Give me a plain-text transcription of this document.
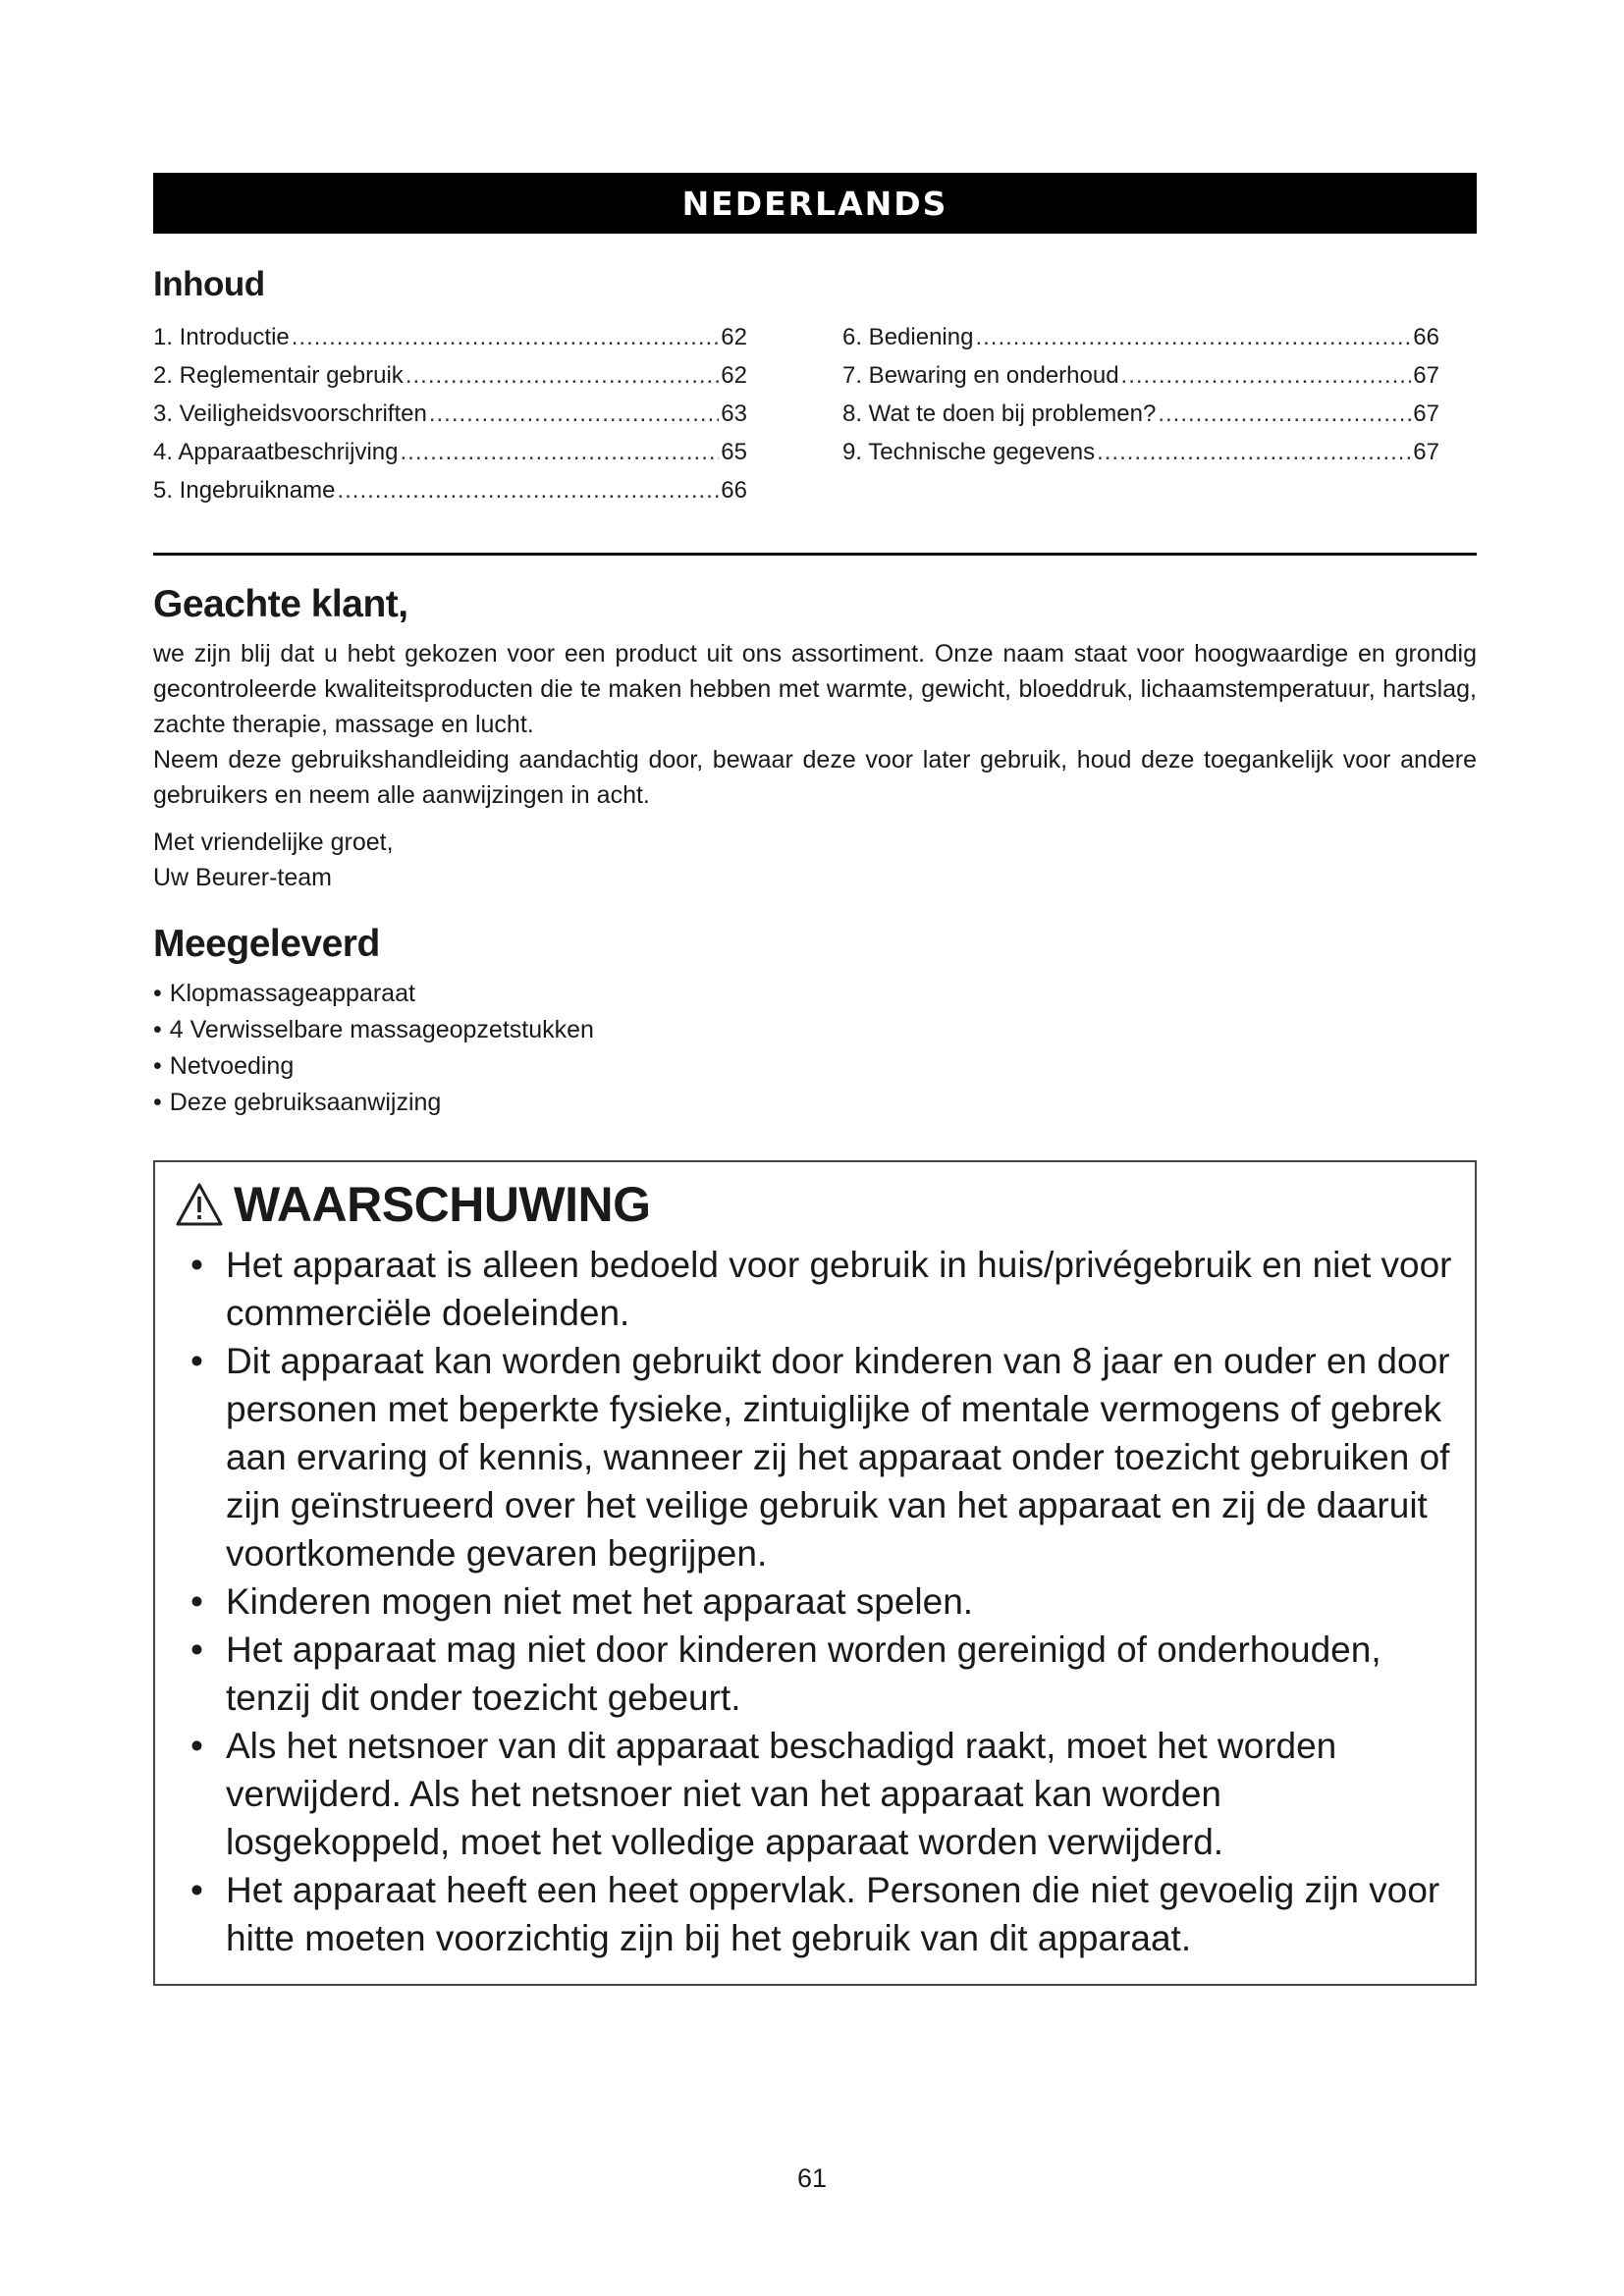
NEDERLANDS
Inhoud
1. Introductie .....	62
2. Reglementair gebruik .....	62
3. Veiligheidsvoorschriften .....	63
4. Apparaatbeschrijving .....	65
5. Ingebruikname .....	66
6. Bediening .....	66
7. Bewaring en onderhoud .....	67
8. Wat te doen bij problemen? .....	67
9. Technische gegevens .....	67
Geachte klant,

we zijn blij dat u hebt gekozen voor een product uit ons assortiment. Onze naam staat voor hoogwaardige en grondig gecontroleerde kwaliteitsproducten die te maken hebben met warmte, gewicht, bloeddruk, lichaamstemperatuur, hartslag, zachte therapie, massage en lucht.

Neem deze gebruikshandleiding aandachtig door, bewaar deze voor later gebruik, houd deze toegankelijk voor andere gebruikers en neem alle aanwijzingen in acht.

Met vriendelijke groet,
Uw Beurer-team
Meegeleverd
• Klopmassageapparaat
• 4 Verwisselbare massageopzetstukken
• Netvoeding
• Deze gebruiksaanwijzing
WAARSCHUWING
• Het apparaat is alleen bedoeld voor gebruik in huis/privégebruik en niet voor commerciële doeleinden.
• Dit apparaat kan worden gebruikt door kinderen van 8 jaar en ouder en door personen met beperkte fysieke, zintuiglijke of mentale vermogens of gebrek aan ervaring of kennis, wanneer zij het apparaat onder toezicht gebruiken of zijn geïnstrueerd over het veilige gebruik van het apparaat en zij de daaruit voortkomende gevaren begrijpen.
• Kinderen mogen niet met het apparaat spelen.
• Het apparaat mag niet door kinderen worden gereinigd of onderhouden, tenzij dit onder toezicht gebeurt.
• Als het netsnoer van dit apparaat beschadigd raakt, moet het worden verwijderd. Als het netsnoer niet van het apparaat kan worden losgekoppeld, moet het volledige apparaat worden verwijderd.
• Het apparaat heeft een heet oppervlak. Personen die niet gevoelig zijn voor hitte moeten voorzichtig zijn bij het gebruik van dit apparaat.
61
